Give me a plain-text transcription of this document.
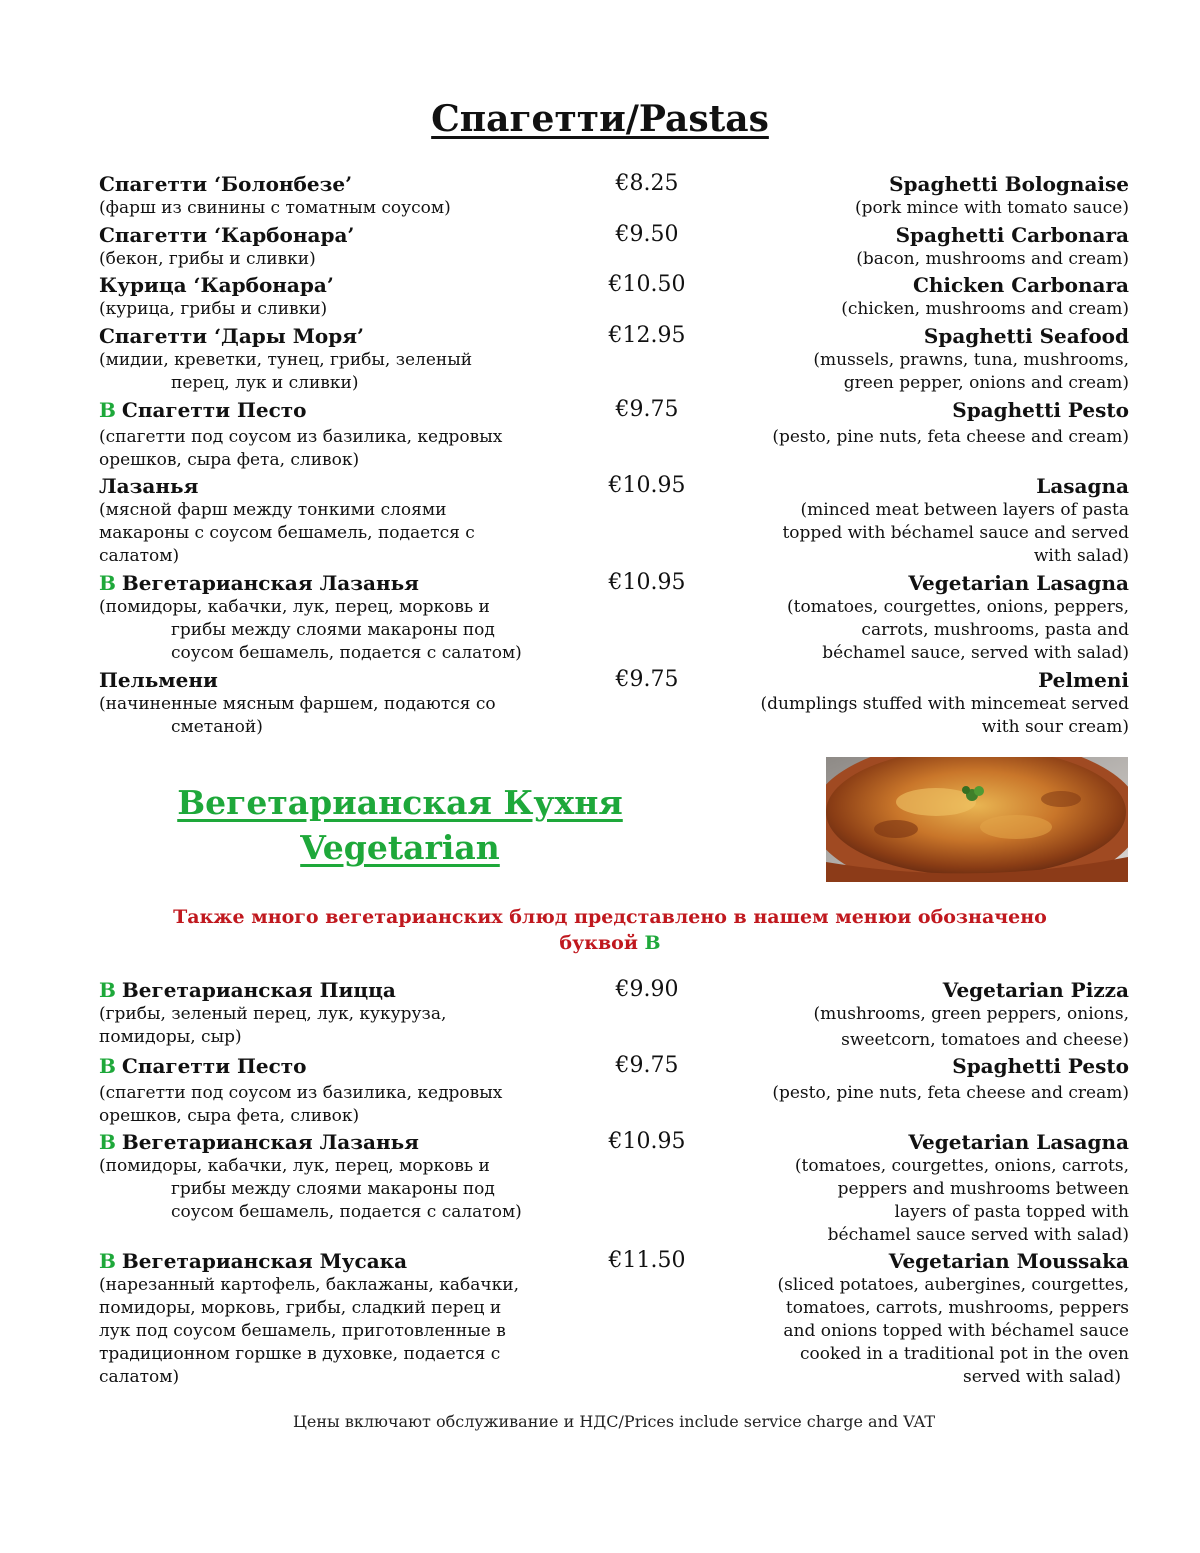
Спагетти/Pastas
Спагетти ‘Болонбезе’
(фарш из свинины с томатным соусом)
€8.25	Spaghetti Bolognaise
(pork mince with tomato sauce)
Спагетти ‘Карбонара’
(бекон, грибы и сливки)
€9.50	Spaghetti Carbonara
(bacon, mushrooms and cream)
Курица ‘Карбонара’
(курица, грибы и сливки)
€10.50	Chicken Carbonara
(chicken, mushrooms and cream)
Спагетти ‘Дары Моря’
(мидии, креветки, тунец, грибы, зеленый
перец, лук и сливки)
€12.95	Spaghetti Seafood
(mussels, prawns, tuna, mushrooms,
green pepper, onions and cream)
В Спагетти Песто
(спагетти под соусом из базилика, кедровых
орешков, сыра фета, сливок)
€9.75	Spaghetti Pesto
(pesto, pine nuts, feta cheese and cream)
Лазанья
(мясной фарш между тонкими слоями
макароны с соусом бешамель, подается с
салатом)
€10.95	Lasagna
(minced meat between layers of pasta
topped with béchamel sauce and served
with salad)
В Вегетарианская Лазанья
(помидоры, кабачки, лук, перец, морковь и
грибы между слоями макароны под
соусом бешамель, подается с салатом)
€10.95	Vegetarian Lasagna
(tomatoes, courgettes, onions, peppers,
carrots, mushrooms, pasta and
béchamel sauce, served with salad)
Пельмени
(начиненные мясным фаршем, подаются со
сметаной)
€9.75	Pelmeni
(dumplings stuffed with mincemeat served
with sour cream)
Вегетарианская Кухня
Vegetarian
Также много вегетарианских блюд представлено в нашем менюи обозначено
буквой В
В Вегетарианская Пицца
(грибы, зеленый перец, лук, кукуруза,
помидоры, сыр)
€9.90	Vegetarian Pizza
(mushrooms, green peppers, onions,
sweetcorn, tomatoes and cheese)
В Спагетти Песто
(спагетти под соусом из базилика, кедровых
орешков, сыра фета, сливок)
€9.75	Spaghetti Pesto
(pesto, pine nuts, feta cheese and cream)
В Вегетарианская Лазанья
(помидоры, кабачки, лук, перец, морковь и
грибы между слоями макароны под
соусом бешамель, подается с салатом)
€10.95	Vegetarian Lasagna
(tomatoes, courgettes, onions, carrots,
peppers and mushrooms between
layers of pasta topped with
béchamel sauce served with salad)
В Вегетарианская Мусака
(нарезанный картофель, баклажаны, кабачки,
помидоры, морковь, грибы, сладкий перец и
лук под соусом бешамель, приготовленные в
традиционном горшке в духовке, подается с
салатом)
€11.50	Vegetarian Moussaka
(sliced potatoes, aubergines, courgettes,
tomatoes, carrots, mushrooms, peppers
and onions topped with béchamel sauce
cooked in a traditional pot in the oven
served with salad)
Цены включают обслуживание и НДС/Prices include service charge and VAT
